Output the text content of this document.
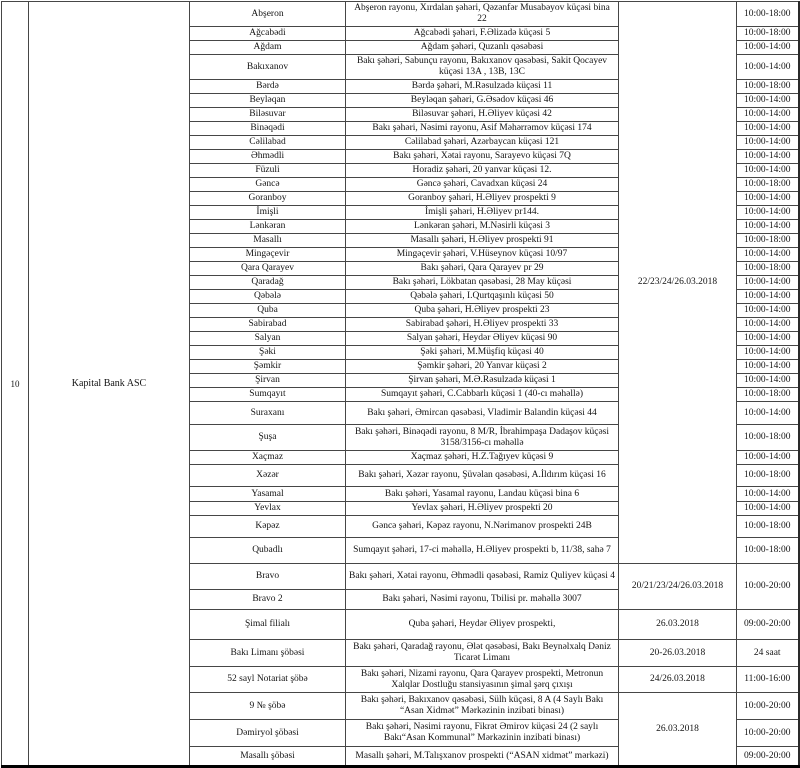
10	Kapital Bank ASC	Abşeron	Abşeron rayonu, Xırdalan şəhəri, Qəzənfər Musabəyov küçəsi bina 22	22/23/24/26.03.2018	10:00-18:00
		Ağcabədi	Ağcabədi şəhəri, F.Əlizadə küçəsi 5		10:00-18:00
		Ağdam	Ağdam şəhəri, Quzanlı qəsəbəsi		10:00-14:00
		Bakıxanov	Bakı şəhəri, Sabunçu rayonu, Bakıxanov qəsəbəsi, Sakit Qocayev küçəsi 13A , 13B, 13C		10:00-14:00
		Bərdə	Bərdə şəhəri, M.Rəsulzadə küçəsi 11		10:00-18:00
		Beyləqan	Beyləqan şəhəri, G.Əsədov küçəsi 46		10:00-14:00
		Biləsuvar	Biləsuvar şəhəri, H.Əliyev küçəsi 42		10:00-14:00
		Binəqədi	Bakı şəhəri, Nəsimi rayonu, Asif Məhərrəmov küçəsi 174		10:00-14:00
		Cəlilabad	Cəlilabad şəhəri, Azərbaycan küçəsi 121		10:00-14:00
		Əhmədli	Bakı şəhəri, Xətai rayonu, Sarayevo küçəsi 7Q		10:00-14:00
		Füzuli	Horadiz şəhəri, 20 yanvar küçəsi 12.		10:00-14:00
		Gəncə	Gəncə şəhəri, Cavadxan küçəsi 24		10:00-18:00
		Goranboy	Goranboy şəhəri, H.Əliyev prospekti 9		10:00-14:00
		İmişli	İmişli şəhəri, H.Əliyev pr144.		10:00-14:00
		Lənkəran	Lənkəran şəhəri, M.Nəsirli küçəsi 3		10:00-14:00
		Masallı	Masallı şəhəri, H.Əliyev prospekti 91		10:00-18:00
		Mingəçevir	Mingəçevir şəhəri, V.Hüseynov küçəsi 10/97		10:00-14:00
		Qara Qarayev	Bakı şəhəri, Qara Qarayev pr 29		10:00-18:00
		Qaradağ	Bakı şəhəri, Lökbatan qəsəbəsi, 28 May küçəsi		10:00-14:00
		Qəbələ	Qəbələ şəhəri, I.Qurtqaşınlı küçəsi 50		10:00-14:00
		Quba	Quba şəhəri, H.Əliyev prospekti 23		10:00-14:00
		Sabirabad	Sabirabad şəhəri, H.Əliyev prospekti 33		10:00-14:00
		Salyan	Salyan şəhəri, Heydər Əliyev küçəsi 90		10:00-14:00
		Şəki	Şəki şəhəri, M.Müşfiq küçəsi 40		10:00-14:00
		Şəmkir	Şəmkir şəhəri, 20 Yanvar küçəsi 2		10:00-14:00
		Şirvan	Şirvan şəhəri, M.Ə.Rəsulzadə küçəsi 1		10:00-14:00
		Sumqayıt	Sumqayıt şəhəri, C.Cabbarlı küçəsi 1 (40-cı məhəllə)		10:00-18:00
		Suraxanı	Bakı şəhəri, Əmircan qəsəbəsi, Vladimir Balandin küçəsi 44		10:00-14:00
		Şuşa	Bakı şəhəri, Binəqədi rayonu, 8 M/R, İbrahimpaşa Dadaşov küçəsi 3158/3156-cı məhəllə		10:00-18:00
		Xaçmaz	Xaçmaz şəhəri, H.Z.Tağıyev küçəsi 9		10:00-14:00
		Xəzər	Bakı şəhəri, Xəzər rayonu, Şüvəlan qəsəbəsi, A.İldırım küçəsi 16		10:00-18:00
		Yasamal	Bakı şəhəri, Yasamal rayonu, Landau küçəsi bina 6		10:00-14:00
		Yevlax	Yevlax şəhəri, H.Əliyev prospekti 20		10:00-14:00
		Kəpəz	Gəncə şəhəri, Kəpəz rayonu, N.Nərimanov prospekti 24B		10:00-18:00
		Qubadlı	Sumqayıt şəhəri, 17-ci məhəllə, H.Əliyev prospekti b, 11/38, sahə 7		10:00-18:00
		Bravo	Bakı şəhəri, Xətai rayonu, Əhmədli qəsəbəsi, Ramiz Quliyev küçəsi 4	20/21/23/24/26.03.2018	10:00-20:00
		Bravo 2	Bakı şəhəri, Nəsimi rayonu, Tbilisi pr. məhəllə 3007		
		Şimal filialı	Quba şəhəri, Heydər Əliyev prospekti,	26.03.2018	09:00-20:00
		Bakı Limanı şöbəsi	Bakı şəhəri, Qaradağ rayonu, Ələt qəsəbəsi, Bakı Beynəlxalq Dəniz Ticarət Limanı	20-26.03.2018	24 saat
		52 sayl Notariat şöbə	Bakı şəhəri, Nizami rayonu, Qara Qarayev prospekti, Metronun Xalqlar Dostluğu stansiyasının şimal şərq çıxışı	24/26.03.2018	11:00-16:00
		9 № şöbə	Bakı şəhəri, Bakıxanov qəsəbəsi, Sülh küçəsi, 8 A (4 Saylı Bakı “Asan Xidmət” Mərkəzinin inzibati binası)	26.03.2018	10:00-20:00
		Dəmiryol şöbəsi	Bakı şəhəri, Nəsimi rayonu, Fikrət Əmirov küçəsi 24 (2 saylı Bakı“Asan Kommunal” Mərkəzinin inzibati binası)		10:00-20:00
		Masallı şöbəsi	Masallı şəhəri, M.Talışxanov prospekti (“ASAN xidmət” mərkəzi)		09:00-20:00
